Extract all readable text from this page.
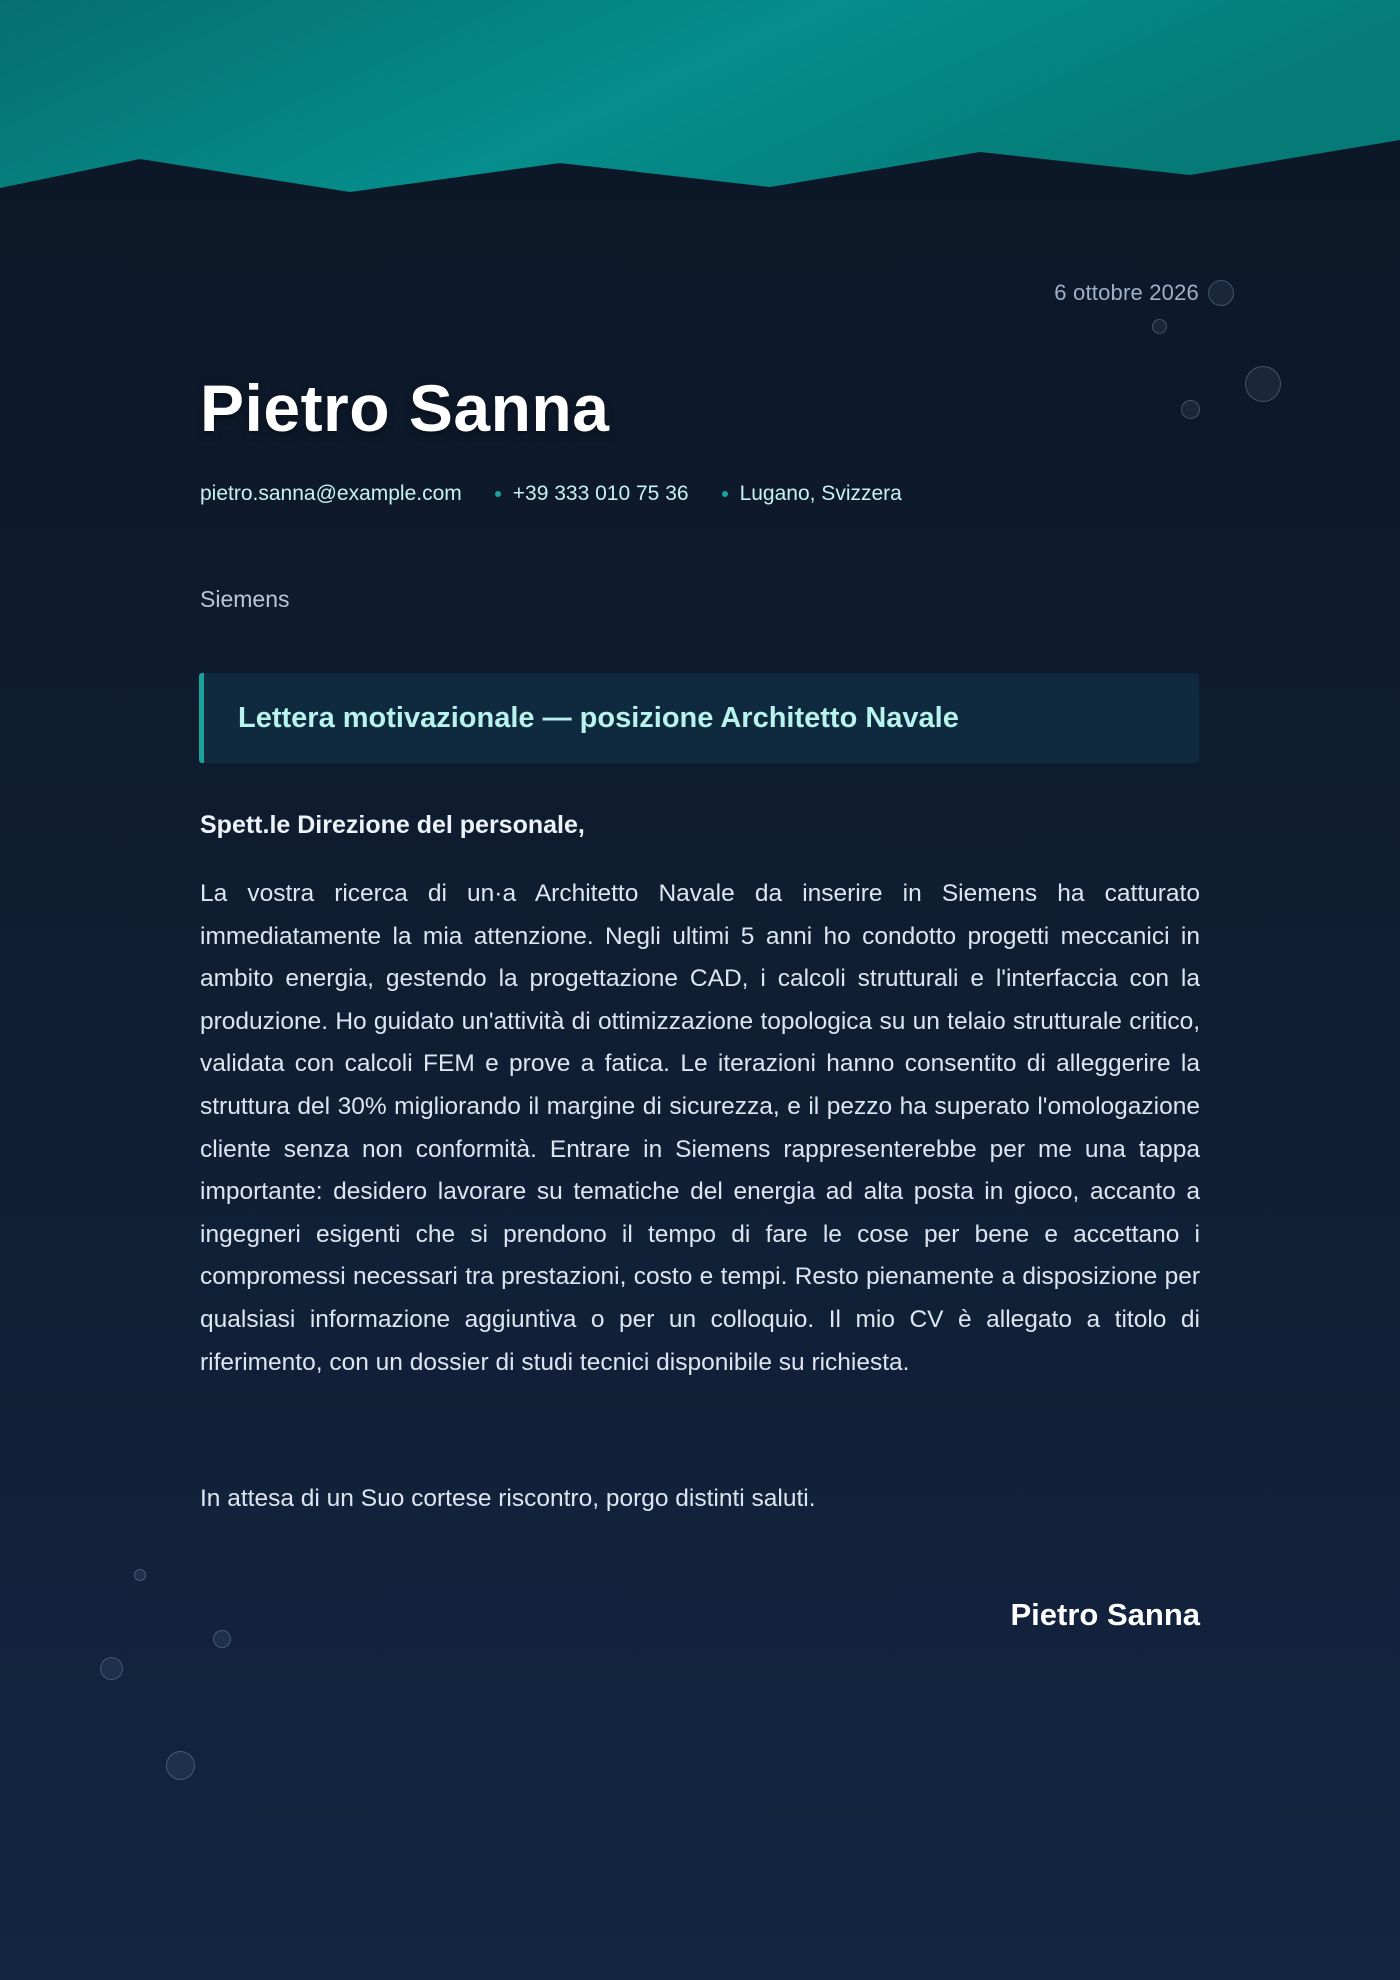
6 ottobre 2026
Pietro Sanna
pietro.sanna@example.com +39 333 010 75 36 Lugano, Svizzera
Siemens
Lettera motivazionale — posizione Architetto Navale
Spett.le Direzione del personale,

La vostra ricerca di un·a Architetto Navale da inserire in Siemens ha catturato immediatamente la mia attenzione. Negli ultimi 5 anni ho condotto progetti meccanici in ambito energia, gestendo la progettazione CAD, i calcoli strutturali e l'interfaccia con la produzione. Ho guidato un'attività di ottimizzazione topologica su un telaio strutturale critico, validata con calcoli FEM e prove a fatica. Le iterazioni hanno consentito di alleggerire la struttura del 30% migliorando il margine di sicurezza, e il pezzo ha superato l'omologazione cliente senza non conformità. Entrare in Siemens rappresenterebbe per me una tappa importante: desidero lavorare su tematiche del energia ad alta posta in gioco, accanto a ingegneri esigenti che si prendono il tempo di fare le cose per bene e accettano i compromessi necessari tra prestazioni, costo e tempi. Resto pienamente a disposizione per qualsiasi informazione aggiuntiva o per un colloquio. Il mio CV è allegato a titolo di riferimento, con un dossier di studi tecnici disponibile su richiesta.

In attesa di un Suo cortese riscontro, porgo distinti saluti.
Pietro Sanna
